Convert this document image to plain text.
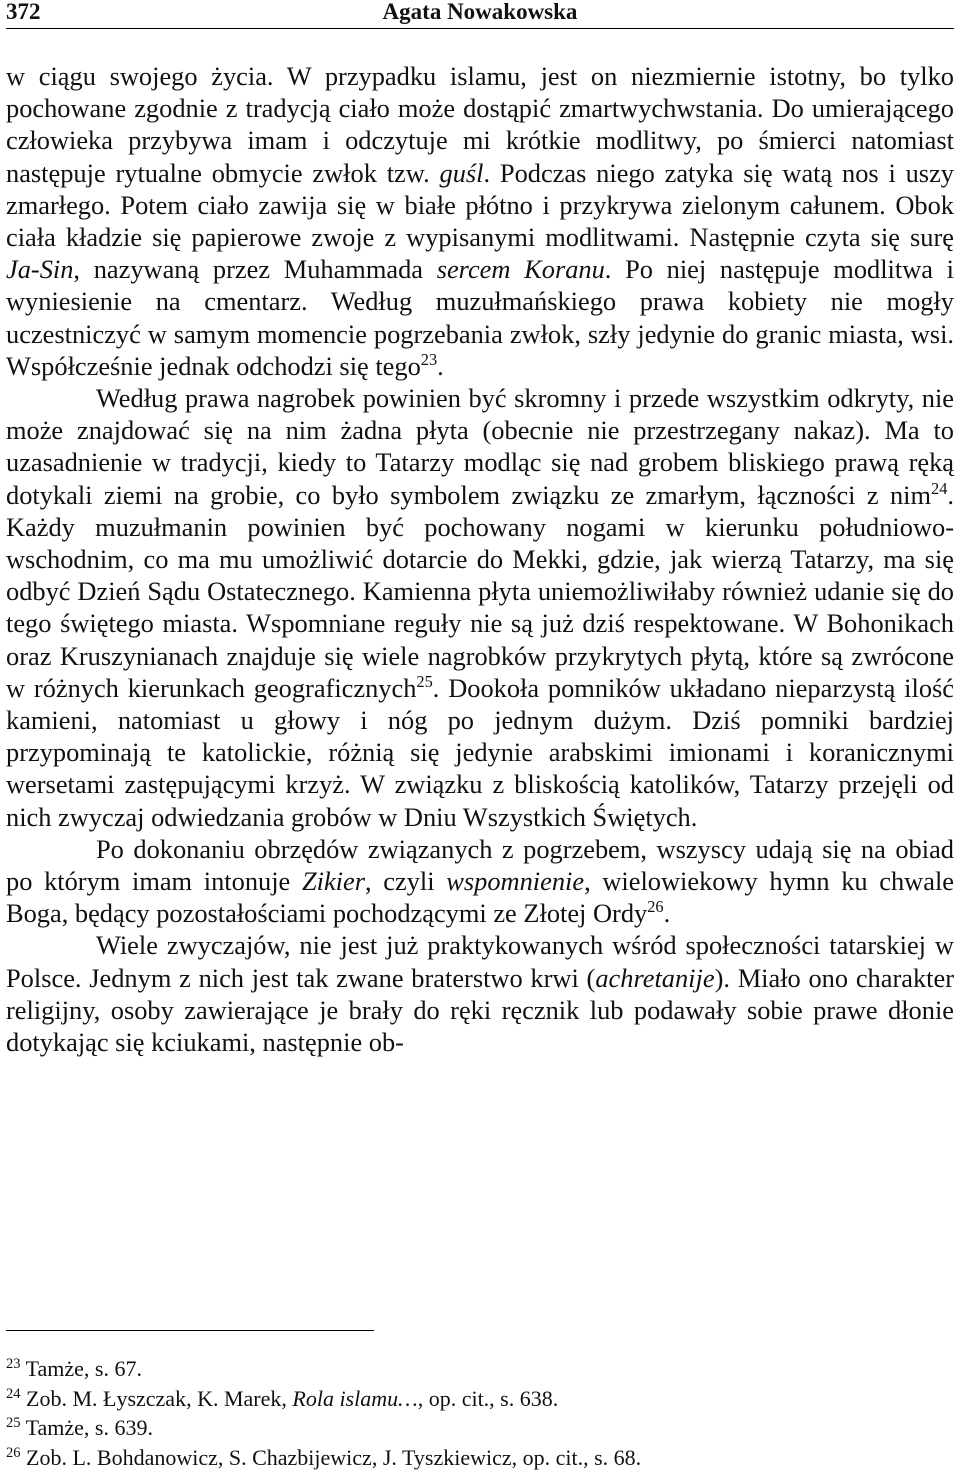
372	Agata Nowakowska

w ciągu swojego życia. W przypadku islamu, jest on niezmiernie istotny, bo tylko pochowane zgodnie z tradycją ciało może dostąpić zmartwychwstania. Do umierającego człowieka przybywa imam i odczytuje mi krótkie modlitwy, po śmierci natomiast następuje rytualne obmycie zwłok tzw. guśl. Podczas niego zatyka się watą nos i uszy zmarłego. Potem ciało zawija się w białe płótno i przykrywa zielonym całunem. Obok ciała kładzie się papierowe zwoje z wypisanymi modlitwami. Następnie czyta się surę Ja-Sin, nazywaną przez Muhammada sercem Koranu. Po niej następuje modlitwa i wyniesienie na cmentarz. Według muzułmańskiego prawa kobiety nie mogły uczestniczyć w samym momencie pogrzebania zwłok, szły jedynie do granic miasta, wsi. Współcześnie jednak odchodzi się tego$^{23}$.

Według prawa nagrobek powinien być skromny i przede wszystkim odkryty, nie może znajdować się na nim żadna płyta (obecnie nie przestrzegany nakaz). Ma to uzasadnienie w tradycji, kiedy to Tatarzy modląc się nad grobem bliskiego prawą ręką dotykali ziemi na grobie, co było symbolem związku ze zmarłym, łączności z nim$^{24}$. Każdy muzułmanin powinien być pochowany nogami w kierunku południowo-wschodnim, co ma mu umożliwić dotarcie do Mekki, gdzie, jak wierzą Tatarzy, ma się odbyć Dzień Sądu Ostatecznego. Kamienna płyta uniemożliwiłaby również udanie się do tego świętego miasta. Wspomniane reguły nie są już dziś respektowane. W Bohonikach oraz Kruszynianach znajduje się wiele nagrobków przykrytych płytą, które są zwrócone w różnych kierunkach geograficznych$^{25}$. Dookoła pomników układano nieparzystą ilość kamieni, natomiast u głowy i nóg po jednym dużym. Dziś pomniki bardziej przypominają te katolickie, różnią się jedynie arabskimi imionami i koranicznymi wersetami zastępującymi krzyż. W związku z bliskością katolików, Tatarzy przejęli od nich zwyczaj odwiedzania grobów w Dniu Wszystkich Świętych.

Po dokonaniu obrzędów związanych z pogrzebem, wszyscy udają się na obiad po którym imam intonuje Zikier, czyli wspomnienie, wielowiekowy hymn ku chwale Boga, będący pozostałościami pochodzącymi ze Złotej Ordy$^{26}$.

Wiele zwyczajów, nie jest już praktykowanych wśród społeczności tatarskiej w Polsce. Jednym z nich jest tak zwane braterstwo krwi (achretanije). Miało ono charakter religijny, osoby zawierające je brały do ręki ręcznik lub podawały sobie prawe dłonie dotykając się kciukami, następnie ob-

$^{23}$ Tamże, s. 67.

$^{24}$ Zob. M. Łyszczak, K. Marek, Rola islamu…, op. cit., s. 638.

$^{25}$ Tamże, s. 639.

$^{26}$ Zob. L. Bohdanowicz, S. Chazbijewicz, J. Tyszkiewicz, op. cit., s. 68.
